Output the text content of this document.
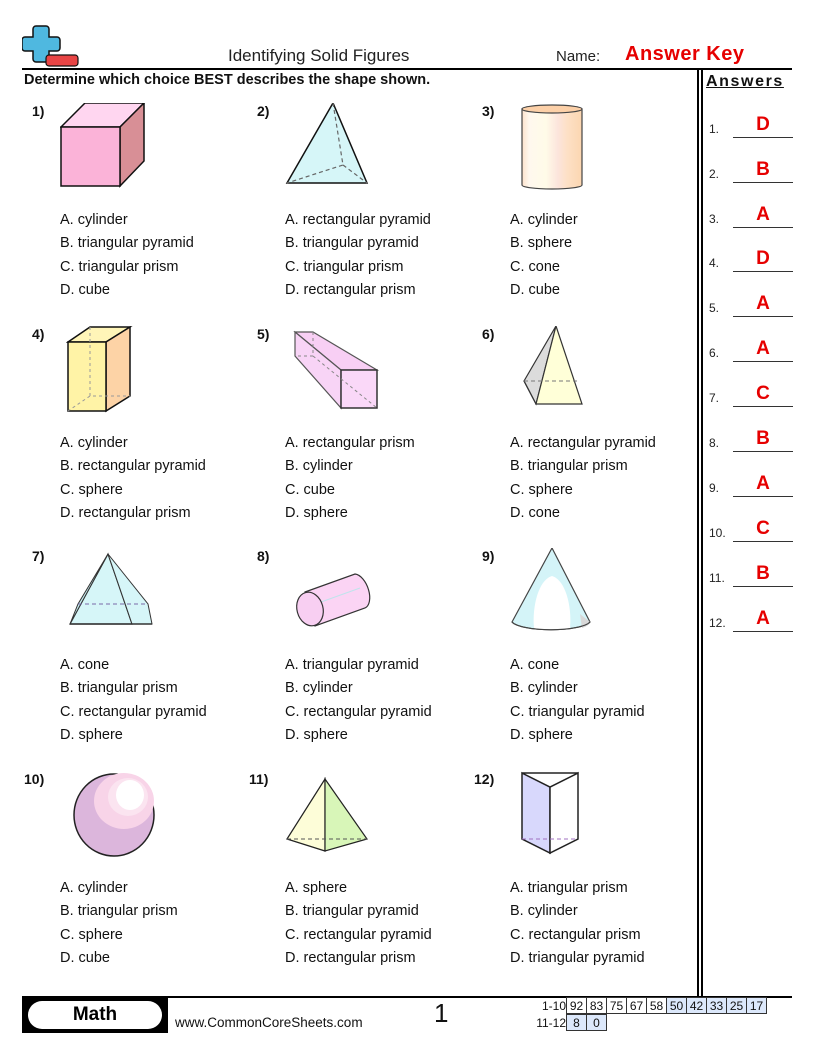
Identifying Solid Figures	Name: Answer Key
Determine which choice BEST describes the shape shown.	Answers
1.	D
2.	B
3.	A
4.	D
5.	A
6.	A
7.	C
8.	B
9.	A
10.	C
11.	B
12.	A
1)
A. cylinder
B. triangular pyramid
C. triangular prism
D. cube
2)
A. rectangular pyramid
B. triangular pyramid
C. triangular prism
D. rectangular prism
3)
A. cylinder
B. sphere
C. cone
D. cube
4)
A. cylinder
B. rectangular pyramid
C. sphere
D. rectangular prism
5)
A. rectangular prism
B. cylinder
C. cube
D. sphere
6)
A. rectangular pyramid
B. triangular prism
C. sphere
D. cone
7)
A. cone
B. triangular prism
C. rectangular pyramid
D. sphere
8)
A. triangular pyramid
B. cylinder
C. rectangular pyramid
D. sphere
9)
A. cone
B. cylinder
C. triangular pyramid
D. sphere
10)
A. cylinder
B. triangular prism
C. sphere
D. cube
11)
A. sphere
B. triangular pyramid
C. rectangular pyramid
D. rectangular prism
12)
A. triangular prism
B. cylinder
C. rectangular prism
D. triangular pyramid
Math	www.CommonCoreSheets.com	1	1-10 92	83	75	67	58	50	42	33	25	17
11-12 8	0
